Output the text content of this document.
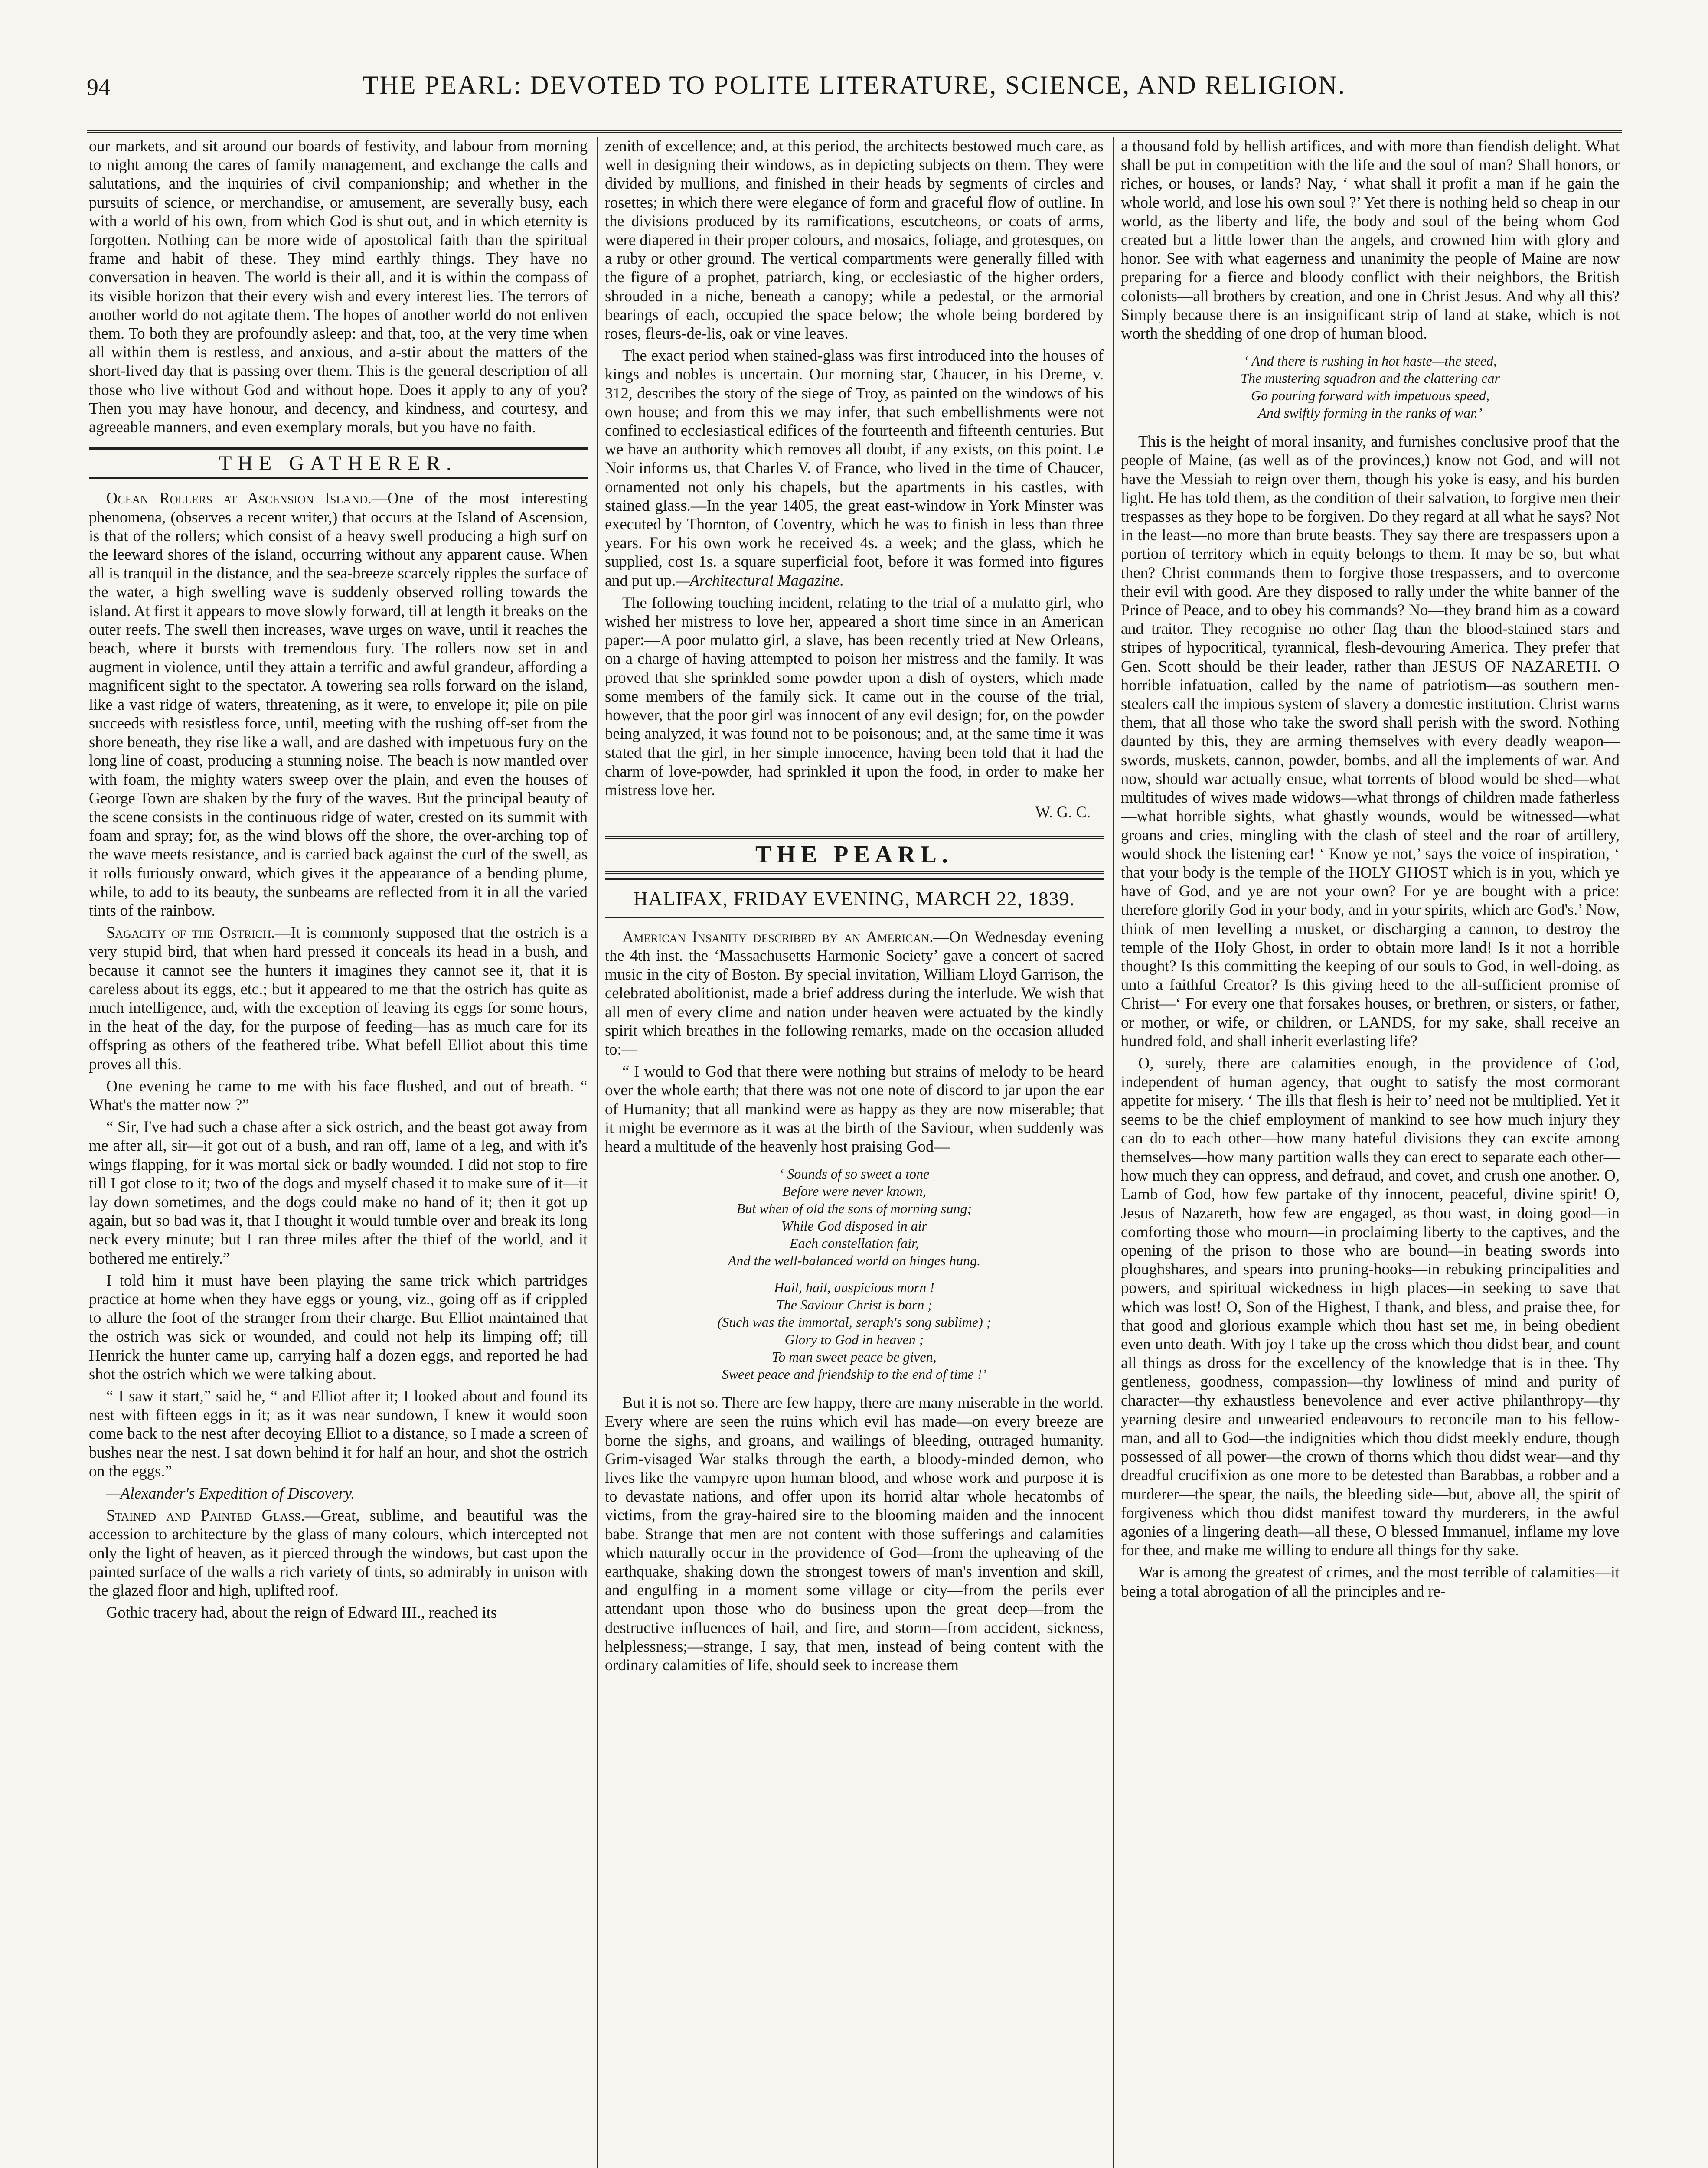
94	THE PEARL: DEVOTED TO POLITE LITERATURE, SCIENCE, AND RELIGION.

our markets, and sit around our boards of festivity, and labour from morning to night among the cares of family management, and exchange the calls and salutations, and the inquiries of civil companionship; and whether in the pursuits of science, or merchandise, or amusement, are severally busy, each with a world of his own, from which God is shut out, and in which eternity is forgotten. Nothing can be more wide of apostolical faith than the spiritual frame and habit of these. They mind earthly things. They have no conversation in heaven. The world is their all, and it is within the compass of its visible horizon that their every wish and every interest lies. The terrors of another world do not agitate them. The hopes of another world do not enliven them. To both they are profoundly asleep: and that, too, at the very time when all within them is restless, and anxious, and a-stir about the matters of the short-lived day that is passing over them. This is the general description of all those who live without God and without hope. Does it apply to any of you? Then you may have honour, and decency, and kindness, and courtesy, and agreeable manners, and even exemplary morals, but you have no faith.

THE GATHERER.

Ocean Rollers at Ascension Island.—One of the most interesting phenomena, (observes a recent writer,) that occurs at the Island of Ascension, is that of the rollers; which consist of a heavy swell producing a high surf on the leeward shores of the island, occurring without any apparent cause. When all is tranquil in the distance, and the sea-breeze scarcely ripples the surface of the water, a high swelling wave is suddenly observed rolling towards the island. At first it appears to move slowly forward, till at length it breaks on the outer reefs. The swell then increases, wave urges on wave, until it reaches the beach, where it bursts with tremendous fury. The rollers now set in and augment in violence, until they attain a terrific and awful grandeur, affording a magnificent sight to the spectator. A towering sea rolls forward on the island, like a vast ridge of waters, threatening, as it were, to envelope it; pile on pile succeeds with resistless force, until, meeting with the rushing off-set from the shore beneath, they rise like a wall, and are dashed with impetuous fury on the long line of coast, producing a stunning noise. The beach is now mantled over with foam, the mighty waters sweep over the plain, and even the houses of George Town are shaken by the fury of the waves. But the principal beauty of the scene consists in the continuous ridge of water, crested on its summit with foam and spray; for, as the wind blows off the shore, the over-arching top of the wave meets resistance, and is carried back against the curl of the swell, as it rolls furiously onward, which gives it the appearance of a bending plume, while, to add to its beauty, the sunbeams are reflected from it in all the varied tints of the rainbow.

Sagacity of the Ostrich.—It is commonly supposed that the ostrich is a very stupid bird, that when hard pressed it conceals its head in a bush, and because it cannot see the hunters it imagines they cannot see it, that it is careless about its eggs, etc.; but it appeared to me that the ostrich has quite as much intelligence, and, with the exception of leaving its eggs for some hours, in the heat of the day, for the purpose of feeding—has as much care for its offspring as others of the feathered tribe. What befell Elliot about this time proves all this.

One evening he came to me with his face flushed, and out of breath. “ What's the matter now ?”

“ Sir, I've had such a chase after a sick ostrich, and the beast got away from me after all, sir—it got out of a bush, and ran off, lame of a leg, and with it's wings flapping, for it was mortal sick or badly wounded. I did not stop to fire till I got close to it; two of the dogs and myself chased it to make sure of it—it lay down sometimes, and the dogs could make no hand of it; then it got up again, but so bad was it, that I thought it would tumble over and break its long neck every minute; but I ran three miles after the thief of the world, and it bothered me entirely.”

I told him it must have been playing the same trick which partridges practice at home when they have eggs or young, viz., going off as if crippled to allure the foot of the stranger from their charge. But Elliot maintained that the ostrich was sick or wounded, and could not help its limping off; till Henrick the hunter came up, carrying half a dozen eggs, and reported he had shot the ostrich which we were talking about.

“ I saw it start,” said he, “ and Elliot after it; I looked about and found its nest with fifteen eggs in it; as it was near sundown, I knew it would soon come back to the nest after decoying Elliot to a distance, so I made a screen of bushes near the nest. I sat down behind it for half an hour, and shot the ostrich on the eggs.”

—Alexander's Expedition of Discovery.

Stained and Painted Glass.—Great, sublime, and beautiful was the accession to architecture by the glass of many colours, which intercepted not only the light of heaven, as it pierced through the windows, but cast upon the painted surface of the walls a rich variety of tints, so admirably in unison with the glazed floor and high, uplifted roof.

Gothic tracery had, about the reign of Edward III., reached its

zenith of excellence; and, at this period, the architects bestowed much care, as well in designing their windows, as in depicting subjects on them. They were divided by mullions, and finished in their heads by segments of circles and rosettes; in which there were elegance of form and graceful flow of outline. In the divisions produced by its ramifications, escutcheons, or coats of arms, were diapered in their proper colours, and mosaics, foliage, and grotesques, on a ruby or other ground. The vertical compartments were generally filled with the figure of a prophet, patriarch, king, or ecclesiastic of the higher orders, shrouded in a niche, beneath a canopy; while a pedestal, or the armorial bearings of each, occupied the space below; the whole being bordered by roses, fleurs-de-lis, oak or vine leaves.

The exact period when stained-glass was first introduced into the houses of kings and nobles is uncertain. Our morning star, Chaucer, in his Dreme, v. 312, describes the story of the siege of Troy, as painted on the windows of his own house; and from this we may infer, that such embellishments were not confined to ecclesiastical edifices of the fourteenth and fifteenth centuries. But we have an authority which removes all doubt, if any exists, on this point. Le Noir informs us, that Charles V. of France, who lived in the time of Chaucer, ornamented not only his chapels, but the apartments in his castles, with stained glass.—In the year 1405, the great east-window in York Minster was executed by Thornton, of Coventry, which he was to finish in less than three years. For his own work he received 4s. a week; and the glass, which he supplied, cost 1s. a square superficial foot, before it was formed into figures and put up.—Architectural Magazine.

The following touching incident, relating to the trial of a mulatto girl, who wished her mistress to love her, appeared a short time since in an American paper:—A poor mulatto girl, a slave, has been recently tried at New Orleans, on a charge of having attempted to poison her mistress and the family. It was proved that she sprinkled some powder upon a dish of oysters, which made some members of the family sick. It came out in the course of the trial, however, that the poor girl was innocent of any evil design; for, on the powder being analyzed, it was found not to be poisonous; and, at the same time it was stated that the girl, in her simple innocence, having been told that it had the charm of love-powder, had sprinkled it upon the food, in order to make her mistress love her.

W. G. C.
THE PEARL.
HALIFAX, FRIDAY EVENING, MARCH 22, 1839.

American Insanity described by an American.—On Wednesday evening the 4th inst. the ‘Massachusetts Harmonic Society’ gave a concert of sacred music in the city of Boston. By special invitation, William Lloyd Garrison, the celebrated abolitionist, made a brief address during the interlude. We wish that all men of every clime and nation under heaven were actuated by the kindly spirit which breathes in the following remarks, made on the occasion alluded to:—

“ I would to God that there were nothing but strains of melody to be heard over the whole earth; that there was not one note of discord to jar upon the ear of Humanity; that all mankind were as happy as they are now miserable; that it might be evermore as it was at the birth of the Saviour, when suddenly was heard a multitude of the heavenly host praising God—

‘ Sounds of so sweet a tone
Before were never known,
But when of old the sons of morning sung;
While God disposed in air
Each constellation fair,
And the well-balanced world on hinges hung.
Hail, hail, auspicious morn !
The Saviour Christ is born ;
(Such was the immortal, seraph's song sublime) ;
Glory to God in heaven ;
To man sweet peace be given,
Sweet peace and friendship to the end of time !’

But it is not so. There are few happy, there are many miserable in the world. Every where are seen the ruins which evil has made—on every breeze are borne the sighs, and groans, and wailings of bleeding, outraged humanity. Grim-visaged War stalks through the earth, a bloody-minded demon, who lives like the vampyre upon human blood, and whose work and purpose it is to devastate nations, and offer upon its horrid altar whole hecatombs of victims, from the gray-haired sire to the blooming maiden and the innocent babe. Strange that men are not content with those sufferings and calamities which naturally occur in the providence of God—from the upheaving of the earthquake, shaking down the strongest towers of man's invention and skill, and engulfing in a moment some village or city—from the perils ever attendant upon those who do business upon the great deep—from the destructive influences of hail, and fire, and storm—from accident, sickness, helplessness;—strange, I say, that men, instead of being content with the ordinary calamities of life, should seek to increase them

a thousand fold by hellish artifices, and with more than fiendish delight. What shall be put in competition with the life and the soul of man? Shall honors, or riches, or houses, or lands? Nay, ‘ what shall it profit a man if he gain the whole world, and lose his own soul ?’ Yet there is nothing held so cheap in our world, as the liberty and life, the body and soul of the being whom God created but a little lower than the angels, and crowned him with glory and honor. See with what eagerness and unanimity the people of Maine are now preparing for a fierce and bloody conflict with their neighbors, the British colonists—all brothers by creation, and one in Christ Jesus. And why all this? Simply because there is an insignificant strip of land at stake, which is not worth the shedding of one drop of human blood.

‘ And there is rushing in hot haste—the steed,
The mustering squadron and the clattering car
Go pouring forward with impetuous speed,
And swiftly forming in the ranks of war.’

This is the height of moral insanity, and furnishes conclusive proof that the people of Maine, (as well as of the provinces,) know not God, and will not have the Messiah to reign over them, though his yoke is easy, and his burden light. He has told them, as the condition of their salvation, to forgive men their trespasses as they hope to be forgiven. Do they regard at all what he says? Not in the least—no more than brute beasts. They say there are trespassers upon a portion of territory which in equity belongs to them. It may be so, but what then? Christ commands them to forgive those trespassers, and to overcome their evil with good. Are they disposed to rally under the white banner of the Prince of Peace, and to obey his commands? No—they brand him as a coward and traitor. They recognise no other flag than the blood-stained stars and stripes of hypocritical, tyrannical, flesh-devouring America. They prefer that Gen. Scott should be their leader, rather than JESUS OF NAZARETH. O horrible infatuation, called by the name of patriotism—as southern men-stealers call the impious system of slavery a domestic institution. Christ warns them, that all those who take the sword shall perish with the sword. Nothing daunted by this, they are arming themselves with every deadly weapon—swords, muskets, cannon, powder, bombs, and all the implements of war. And now, should war actually ensue, what torrents of blood would be shed—what multitudes of wives made widows—what throngs of children made fatherless—what horrible sights, what ghastly wounds, would be witnessed—what groans and cries, mingling with the clash of steel and the roar of artillery, would shock the listening ear! ‘ Know ye not,’ says the voice of inspiration, ‘ that your body is the temple of the HOLY GHOST which is in you, which ye have of God, and ye are not your own? For ye are bought with a price: therefore glorify God in your body, and in your spirits, which are God's.’ Now, think of men levelling a musket, or discharging a cannon, to destroy the temple of the Holy Ghost, in order to obtain more land! Is it not a horrible thought? Is this committing the keeping of our souls to God, in well-doing, as unto a faithful Creator? Is this giving heed to the all-sufficient promise of Christ—‘ For every one that forsakes houses, or brethren, or sisters, or father, or mother, or wife, or children, or LANDS, for my sake, shall receive an hundred fold, and shall inherit everlasting life?

O, surely, there are calamities enough, in the providence of God, independent of human agency, that ought to satisfy the most cormorant appetite for misery. ‘ The ills that flesh is heir to’ need not be multiplied. Yet it seems to be the chief employment of mankind to see how much injury they can do to each other—how many hateful divisions they can excite among themselves—how many partition walls they can erect to separate each other—how much they can oppress, and defraud, and covet, and crush one another. O, Lamb of God, how few partake of thy innocent, peaceful, divine spirit! O, Jesus of Nazareth, how few are engaged, as thou wast, in doing good—in comforting those who mourn—in proclaiming liberty to the captives, and the opening of the prison to those who are bound—in beating swords into ploughshares, and spears into pruning-hooks—in rebuking principalities and powers, and spiritual wickedness in high places—in seeking to save that which was lost! O, Son of the Highest, I thank, and bless, and praise thee, for that good and glorious example which thou hast set me, in being obedient even unto death. With joy I take up the cross which thou didst bear, and count all things as dross for the excellency of the knowledge that is in thee. Thy gentleness, goodness, compassion—thy lowliness of mind and purity of character—thy exhaustless benevolence and ever active philanthropy—thy yearning desire and unwearied endeavours to reconcile man to his fellow-man, and all to God—the indignities which thou didst meekly endure, though possessed of all power—the crown of thorns which thou didst wear—and thy dreadful crucifixion as one more to be detested than Barabbas, a robber and a murderer—the spear, the nails, the bleeding side—but, above all, the spirit of forgiveness which thou didst manifest toward thy murderers, in the awful agonies of a lingering death—all these, O blessed Immanuel, inflame my love for thee, and make me willing to endure all things for thy sake.

War is among the greatest of crimes, and the most terrible of calamities—it being a total abrogation of all the principles and re-
